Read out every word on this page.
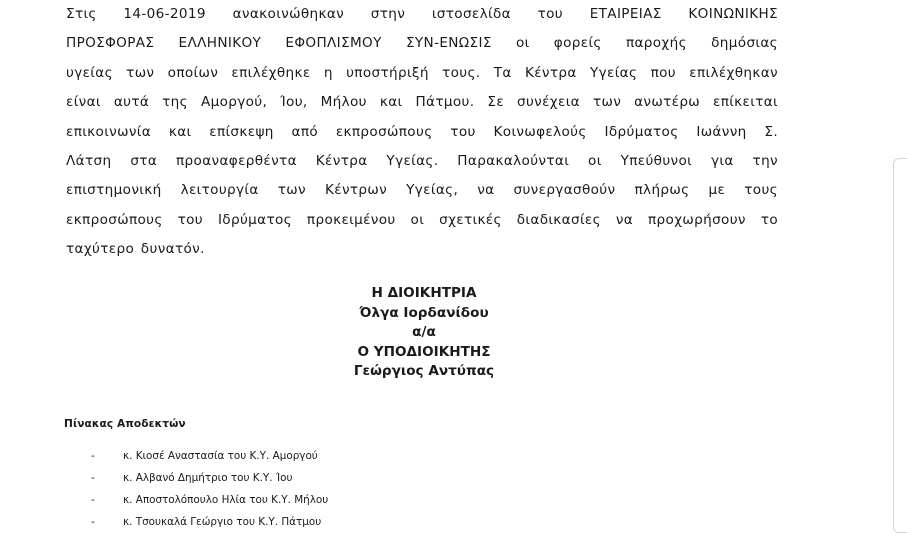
Στις 14-06-2019 ανακοινώθηκαν στην ιστοσελίδα του ΕΤΑΙΡΕΙΑΣ ΚΟΙΝΩΝΙΚΗΣ
ΠΡΟΣΦΟΡΑΣ ΕΛΛΗΝΙΚΟΥ ΕΦΟΠΛΙΣΜΟΥ ΣΥΝ-ΕΝΩΣΙΣ οι φορείς παροχής δημόσιας
υγείας των οποίων επιλέχθηκε η υποστήριξή τους. Τα Κέντρα Υγείας που επιλέχθηκαν
είναι αυτά της Αμοργού, Ίου, Μήλου και Πάτμου. Σε συνέχεια των ανωτέρω επίκειται
επικοινωνία και επίσκεψη από εκπροσώπους του Κοινωφελούς Ιδρύματος Ιωάννη Σ.
Λάτση στα προαναφερθέντα Κέντρα Υγείας. Παρακαλούνται οι Υπεύθυνοι για την
επιστημονική λειτουργία των Κέντρων Υγείας, να συνεργασθούν πλήρως με τους
εκπροσώπους του Ιδρύματος προκειμένου οι σχετικές διαδικασίες να προχωρήσουν το
ταχύτερο δυνατόν.
Η ΔΙΟΙΚΗΤΡΙΑ
Όλγα Ιορδανίδου
α/α
Ο ΥΠΟΔΙΟΙΚΗΤΗΣ
Γεώργιος Αντύπας
Πίνακας Αποδεκτών
-	κ. Κιοσέ Αναστασία του Κ.Υ. Αμοργού
-	κ. Αλβανό Δημήτριο του Κ.Υ. Ίου
-	κ. Αποστολόπουλο Ηλία του Κ.Υ. Μήλου
-	κ. Τσουκαλά Γεώργιο του Κ.Υ. Πάτμου
